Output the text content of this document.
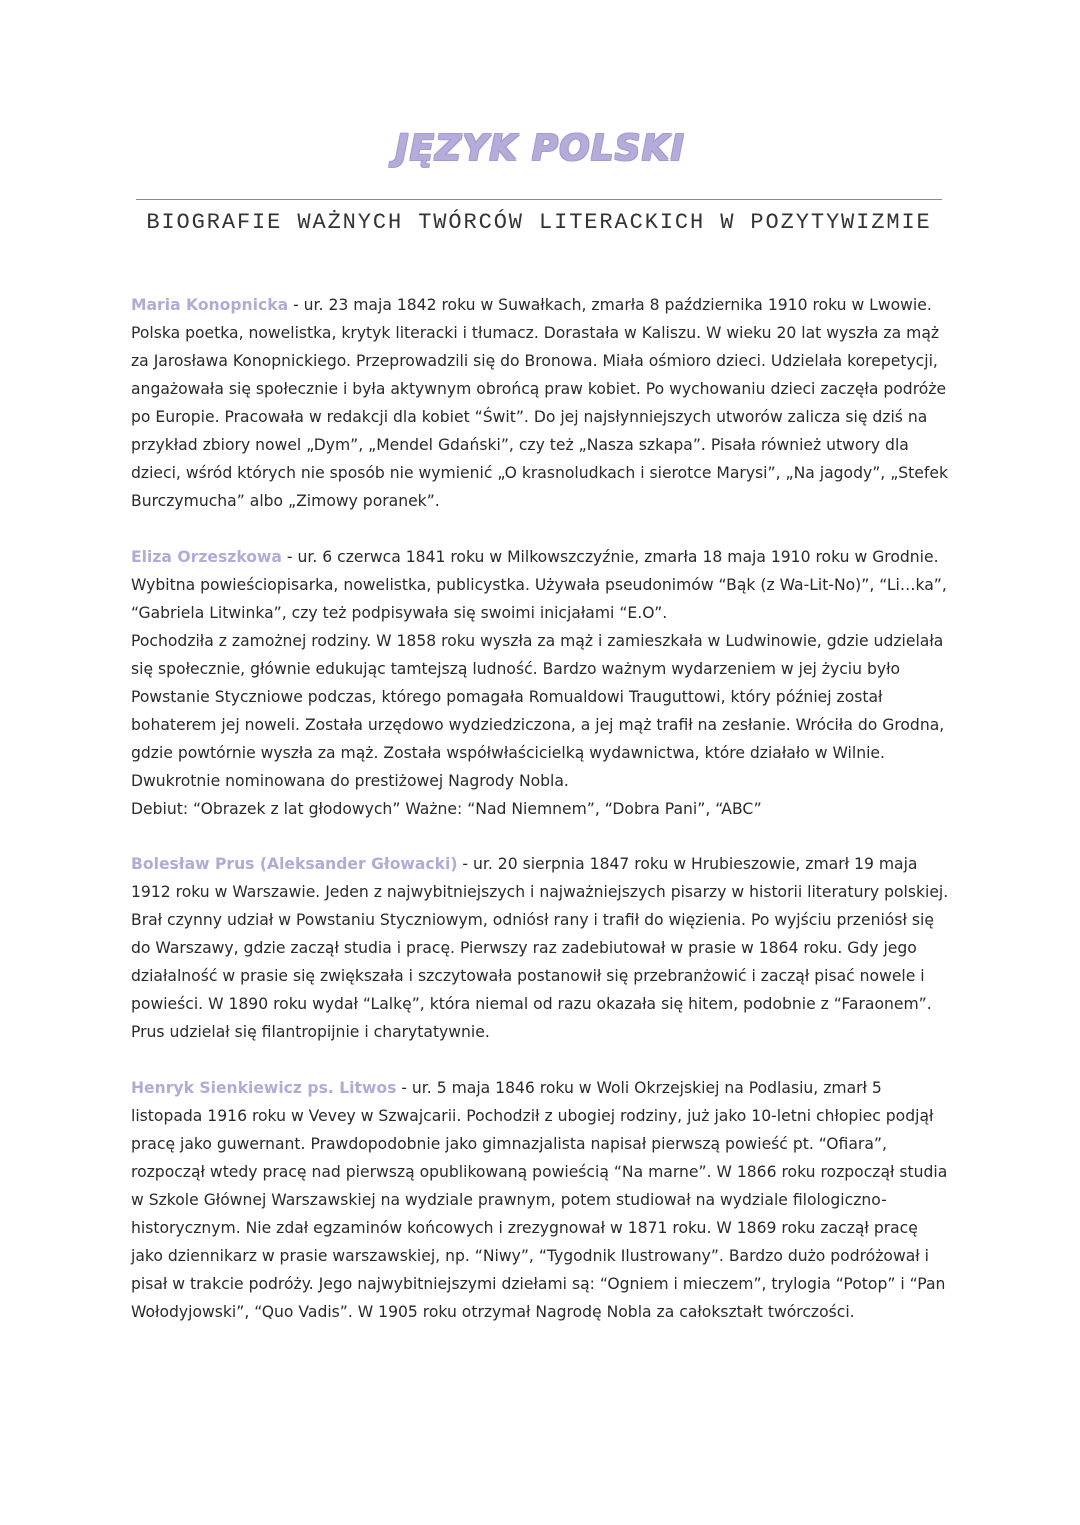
JĘZYK POLSKI
BIOGRAFIE WAŻNYCH TWÓRCÓW LITERACKICH W POZYTYWIZMIE

Maria Konopnicka - ur. 23 maja 1842 roku w Suwałkach, zmarła 8 października 1910 roku w Lwowie. Polska poetka, nowelistka, krytyk literacki i tłumacz. Dorastała w Kaliszu. W wieku 20 lat wyszła za mąż za Jarosława Konopnickiego. Przeprowadzili się do Bronowa. Miała ośmioro dzieci. Udzielała korepetycji, angażowała się społecznie i była aktywnym obrońcą praw kobiet. Po wychowaniu dzieci zaczęła podróże po Europie. Pracowała w redakcji dla kobiet “Świt”. Do jej najsłynniejszych utworów zalicza się dziś na przykład zbiory nowel „Dym”, „Mendel Gdański”, czy też „Nasza szkapa”. Pisała również utwory dla dzieci, wśród których nie sposób nie wymienić „O krasnoludkach i sierotce Marysi”, „Na jagody”, „Stefek Burczymucha” albo „Zimowy poranek”.

Eliza Orzeszkowa - ur. 6 czerwca 1841 roku w Milkowszczyźnie, zmarła 18 maja 1910 roku w Grodnie. Wybitna powieściopisarka, nowelistka, publicystka. Używała pseudonimów “Bąk (z Wa-Lit-No)”, “Li…ka”, “Gabriela Litwinka”, czy też podpisywała się swoimi inicjałami “E.O”.

Pochodziła z zamożnej rodziny. W 1858 roku wyszła za mąż i zamieszkała w Ludwinowie, gdzie udzielała się społecznie, głównie edukując tamtejszą ludność. Bardzo ważnym wydarzeniem w jej życiu było Powstanie Styczniowe podczas, którego pomagała Romualdowi Trauguttowi, który później został bohaterem jej noweli. Została urzędowo wydziedziczona, a jej mąż trafił na zesłanie. Wróciła do Grodna, gdzie powtórnie wyszła za mąż. Została współwłaścicielką wydawnictwa, które działało w Wilnie. Dwukrotnie nominowana do prestiżowej Nagrody Nobla.

Debiut: “Obrazek z lat głodowych” Ważne: “Nad Niemnem”, “Dobra Pani”, “ABC”

Bolesław Prus (Aleksander Głowacki) - ur. 20 sierpnia 1847 roku w Hrubieszowie, zmarł 19 maja 1912 roku w Warszawie. Jeden z najwybitniejszych i najważniejszych pisarzy w historii literatury polskiej. Brał czynny udział w Powstaniu Styczniowym, odniósł rany i trafił do więzienia. Po wyjściu przeniósł się do Warszawy, gdzie zaczął studia i pracę. Pierwszy raz zadebiutował w prasie w 1864 roku. Gdy jego działalność w prasie się zwiększała i szczytowała postanowił się przebranżowić i zaczął pisać nowele i powieści. W 1890 roku wydał “Lalkę”, która niemal od razu okazała się hitem, podobnie z “Faraonem”. Prus udzielał się filantropijnie i charytatywnie.

Henryk Sienkiewicz ps. Litwos - ur. 5 maja 1846 roku w Woli Okrzejskiej na Podlasiu, zmarł 5 listopada 1916 roku w Vevey w Szwajcarii. Pochodził z ubogiej rodziny, już jako 10-letni chłopiec podjął pracę jako guwernant. Prawdopodobnie jako gimnazjalista napisał pierwszą powieść pt. “Ofiara”, rozpoczął wtedy pracę nad pierwszą opublikowaną powieścią “Na marne”. W 1866 roku rozpoczął studia w Szkole Głównej Warszawskiej na wydziale prawnym, potem studiował na wydziale filologiczno-historycznym. Nie zdał egzaminów końcowych i zrezygnował w 1871 roku. W 1869 roku zaczął pracę jako dziennikarz w prasie warszawskiej, np. “Niwy”, “Tygodnik Ilustrowany”. Bardzo dużo podróżował i pisał w trakcie podróży. Jego najwybitniejszymi dziełami są: “Ogniem i mieczem”, trylogia “Potop” i “Pan Wołodyjowski”, “Quo Vadis”. W 1905 roku otrzymał Nagrodę Nobla za całokształt twórczości.
